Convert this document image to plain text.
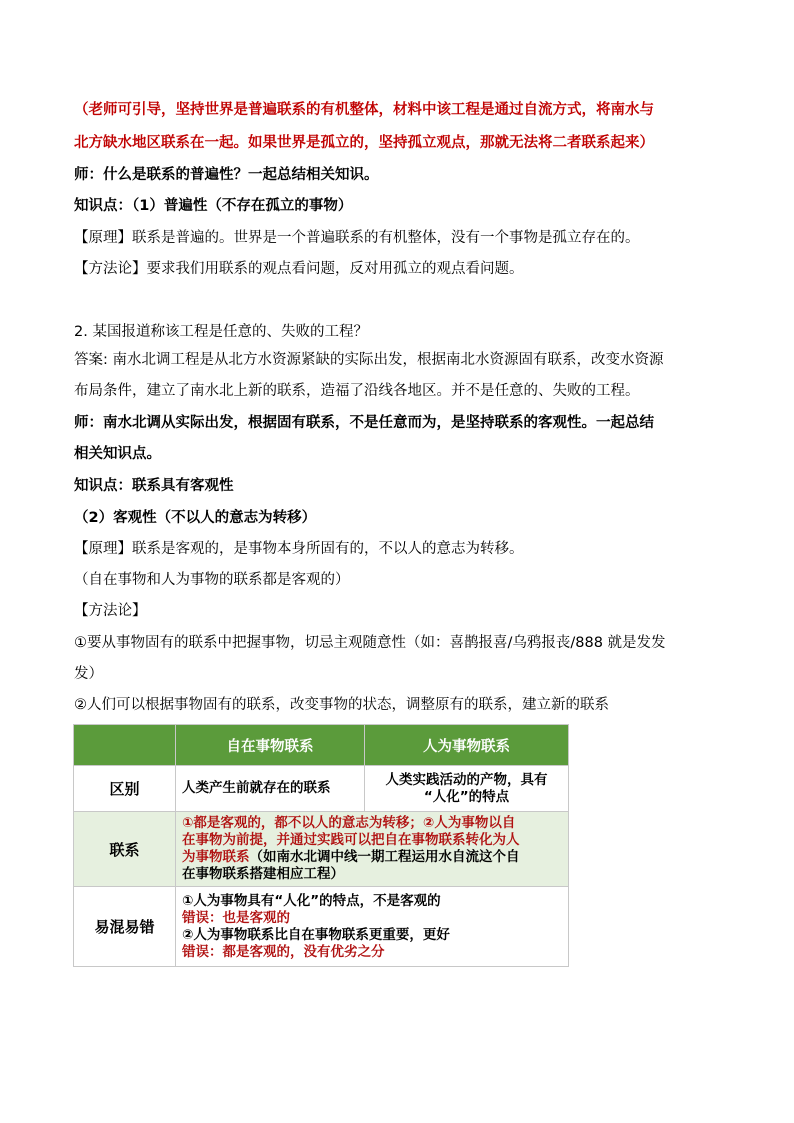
（老师可引导，坚持世界是普遍联系的有机整体，材料中该工程是通过自流方式，将南水与
北方缺水地区联系在一起。如果世界是孤立的，坚持孤立观点，那就无法将二者联系起来）
师：什么是联系的普遍性？一起总结相关知识。
知识点：（1）普遍性（不存在孤立的事物）
【原理】联系是普遍的。世界是一个普遍联系的有机整体，没有一个事物是孤立存在的。
【方法论】要求我们用联系的观点看问题，反对用孤立的观点看问题。
2. 某国报道称该工程是任意的、失败的工程？
答案: 南水北调工程是从北方水资源紧缺的实际出发，根据南北水资源固有联系，改变水资源
布局条件，建立了南水北上新的联系，造福了沿线各地区。并不是任意的、失败的工程。
师：南水北调从实际出发，根据固有联系，不是任意而为，是坚持联系的客观性。一起总结
相关知识点。
知识点：联系具有客观性
（2）客观性（不以人的意志为转移）
【原理】联系是客观的，是事物本身所固有的，不以人的意志为转移。
（自在事物和人为事物的联系都是客观的）
【方法论】
①要从事物固有的联系中把握事物，切忌主观随意性（如：喜鹊报喜/乌鸦报丧/888 就是发发
发）
②人们可以根据事物固有的联系，改变事物的状态，调整原有的联系，建立新的联系
	自在事物联系	人为事物联系
区别	人类产生前就存在的联系	人类实践活动的产物，具有
“人化”的特点

联系	①都是客观的，都不以人的意志为转移；②人为事物以自
在事物为前提，并通过实践可以把自在事物联系转化为人
为事物联系（如南水北调中线一期工程运用水自流这个自
在事物联系搭建相应工程）	

易混易错	①人为事物具有“人化”的特点，不是客观的
错误：也是客观的
②人为事物联系比自在事物联系更重要，更好
错误：都是客观的，没有优劣之分	
